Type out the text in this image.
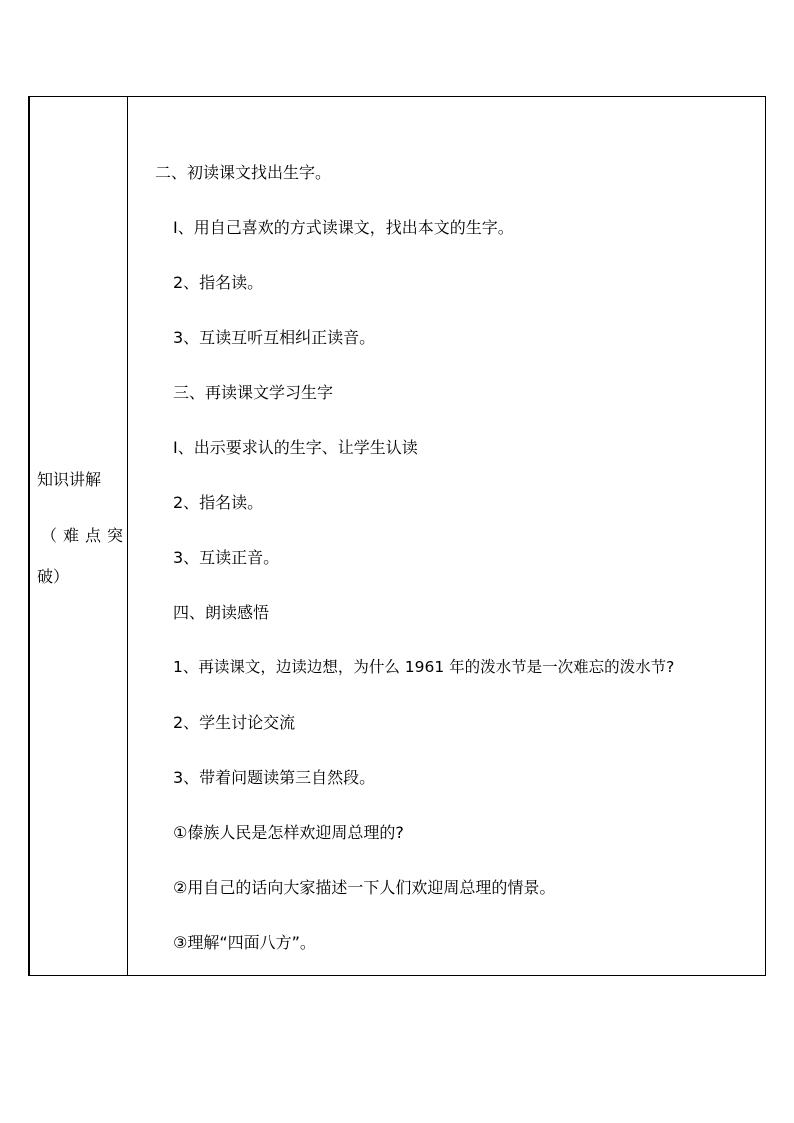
知识讲解
（难点突
破）
二、初读课文找出生字。
I、用自己喜欢的方式读课文，找出本文的生字。
2、指名读。
3、互读互听互相纠正读音。
三、再读课文学习生字
I、出示要求认的生字、让学生认读
2、指名读。
3、互读正音。
四、朗读感悟
1、再读课文，边读边想，为什么 1961 年的泼水节是一次难忘的泼水节?
2、学生讨论交流
3、带着问题读第三自然段。
①傣族人民是怎样欢迎周总理的?
②用自己的话向大家描述一下人们欢迎周总理的情景。
③理解“四面八方”。
